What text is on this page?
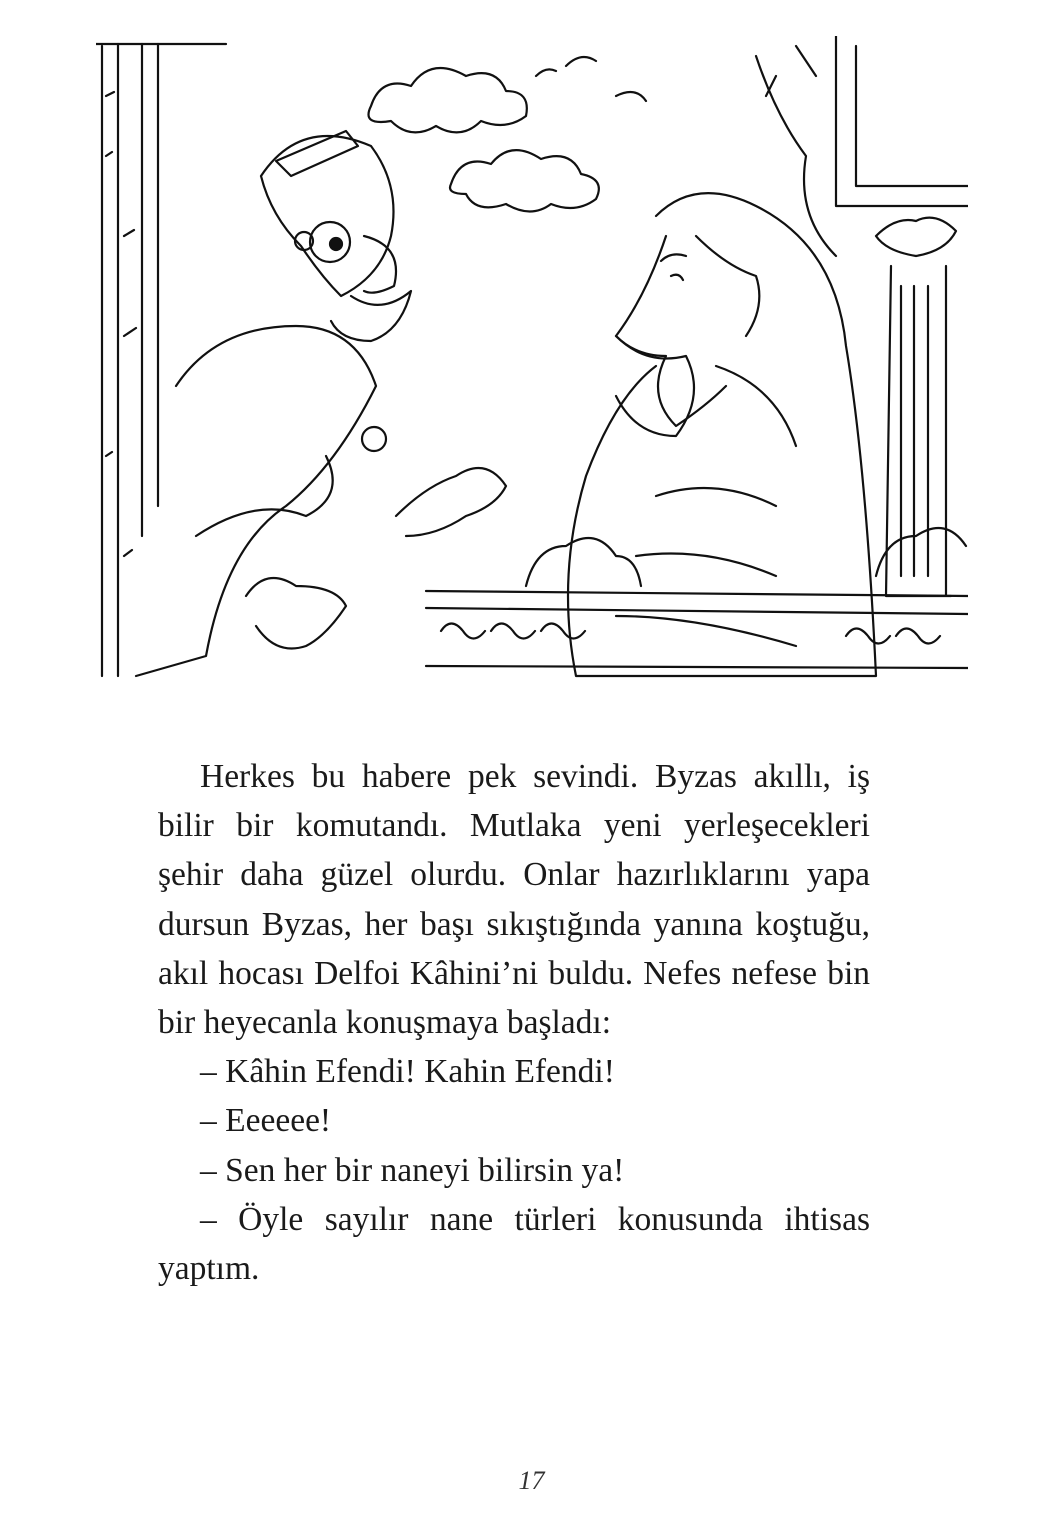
Herkes bu habere pek sevindi. Byzas akıllı, iş bilir bir komutandı. Mutlaka yeni yerleşecekleri şehir daha güzel olurdu. Onlar hazırlıklarını yapa dursun Byzas, her başı sıkıştığında yanına koştuğu, akıl hocası Delfoi Kâhini’ni buldu. Nefes nefese bin bir heyecanla konuşmaya başladı:

– Kâhin Efendi! Kahin Efendi!

– Eeeeee!

– Sen her bir naneyi bilirsin ya!

– Öyle sayılır nane türleri konusunda ihtisas yaptım.

17
